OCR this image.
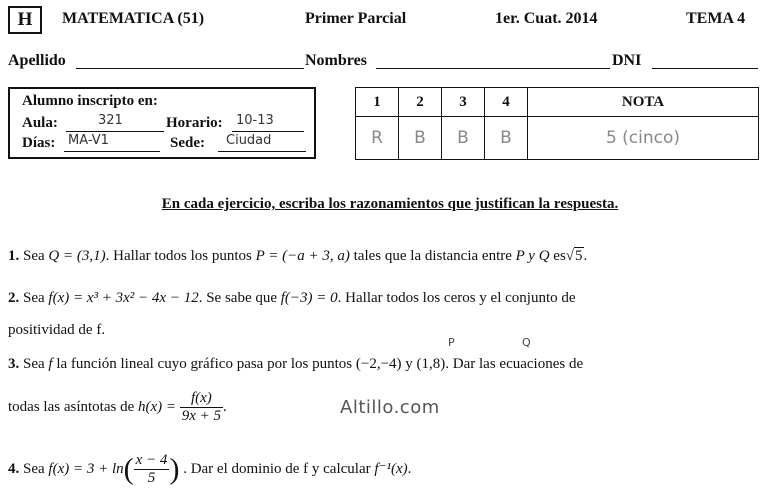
H	MATEMATICA (51)	Primer Parcial	1er. Cuat. 2014	TEMA 4
Apellido	Nombres	DNI
Alumno inscripto en:
Aula:	321	Horario: 10-13
Días: MA-V1	Sede: Ciudad
1	2	3	4	NOTA
R	B	B	B	5 (cinco)
En cada ejercicio, escriba los razonamientos que justifican la respuesta.
1. Sea Q = (3,1). Hallar todos los puntos P = (−a + 3, a) tales que la distancia entre P y Q es√5.
2. Sea f(x) = x³ + 3x² − 4x − 12. Se sabe que f(−3) = 0. Hallar todos los ceros y el conjunto de
positividad de f.
P	Q
3. Sea f la función lineal cuyo gráfico pasa por los puntos (−2,−4) y (1,8). Dar las ecuaciones de
todas las asíntotas de $h(x) = \frac{f(x)}{9x + 5}$ .	Altillo.com
4. Sea $f(x) = 3 + \ln( \frac{x - 4}{5}$ ) . Dar el dominio de f y calcular f⁻¹(x).
